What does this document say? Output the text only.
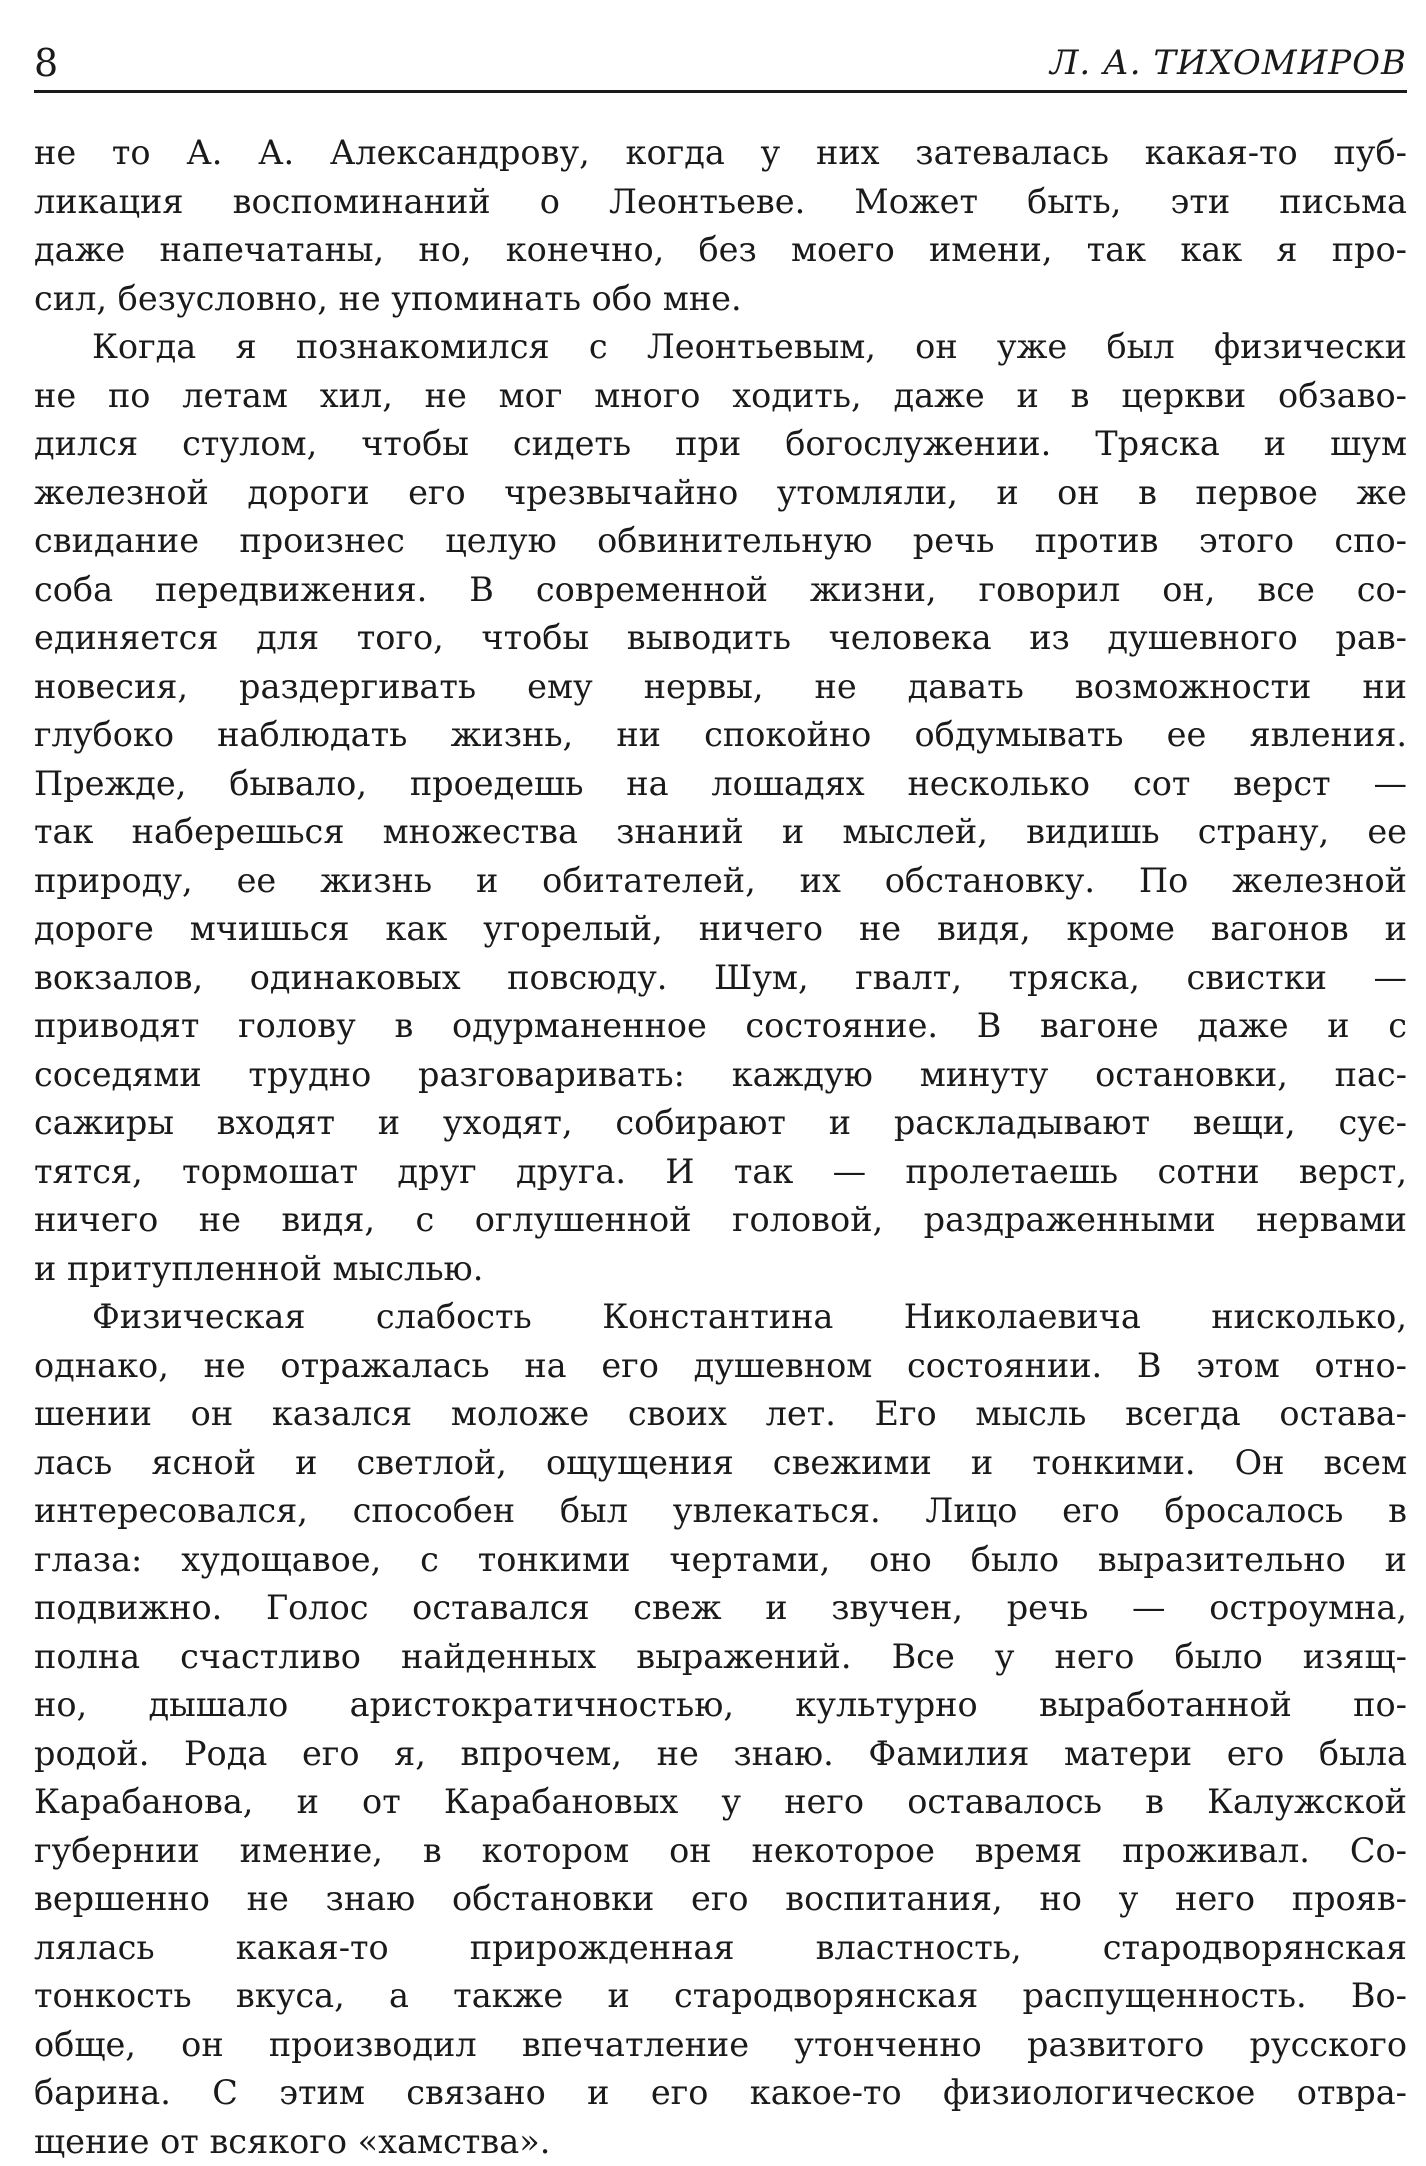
8	Л. А. ТИХОМИРОВ
не то А. А. Александрову, когда у них затевалась какая-то пуб-
ликация воспоминаний о Леонтьеве. Может быть, эти письма
даже напечатаны, но, конечно, без моего имени, так как я про-
сил, безусловно, не упоминать обо мне.
Когда я познакомился с Леонтьевым, он уже был физически
не по летам хил, не мог много ходить, даже и в церкви обзаво-
дился стулом, чтобы сидеть при богослужении. Тряска и шум
железной дороги его чрезвычайно утомляли, и он в первое же
свидание произнес целую обвинительную речь против этого спо-
соба передвижения. В современной жизни, говорил он, все со-
единяется для того, чтобы выводить человека из душевного рав-
новесия, раздергивать ему нервы, не давать возможности ни
глубоко наблюдать жизнь, ни спокойно обдумывать ее явления.
Прежде, бывало, проедешь на лошадях несколько сот верст —
так наберешься множества знаний и мыслей, видишь страну, ее
природу, ее жизнь и обитателей, их обстановку. По железной
дороге мчишься как угорелый, ничего не видя, кроме вагонов и
вокзалов, одинаковых повсюду. Шум, гвалт, тряска, свистки —
приводят голову в одурманенное состояние. В вагоне даже и с
соседями трудно разговаривать: каждую минуту остановки, пас-
сажиры входят и уходят, собирают и раскладывают вещи, сує-
тятся, тормошат друг друга. И так — пролетаешь сотни верст,
ничего не видя, с оглушенной головой, раздраженными нервами
и притупленной мыслью.
Физическая слабость Константина Николаевича нисколько,
однако, не отражалась на его душевном состоянии. В этом отно-
шении он казался моложе своих лет. Его мысль всегда остава-
лась ясной и светлой, ощущения свежими и тонкими. Он всем
интересовался, способен был увлекаться. Лицо его бросалось в
глаза: худощавое, с тонкими чертами, оно было выразительно и
подвижно. Голос оставался свеж и звучен, речь — остроумна,
полна счастливо найденных выражений. Все у него было изящ-
но, дышало аристократичностью, культурно выработанной по-
родой. Рода его я, впрочем, не знаю. Фамилия матери его была
Карабанова, и от Карабановых у него оставалось в Калужской
губернии имение, в котором он некоторое время проживал. Со-
вершенно не знаю обстановки его воспитания, но у него прояв-
лялась какая-то прирожденная властность, стародворянская
тонкость вкуса, а также и стародворянская распущенность. Во-
обще, он производил впечатление утонченно развитого русского
барина. С этим связано и его какое-то физиологическое отвра-
щение от всякого «хамства».
